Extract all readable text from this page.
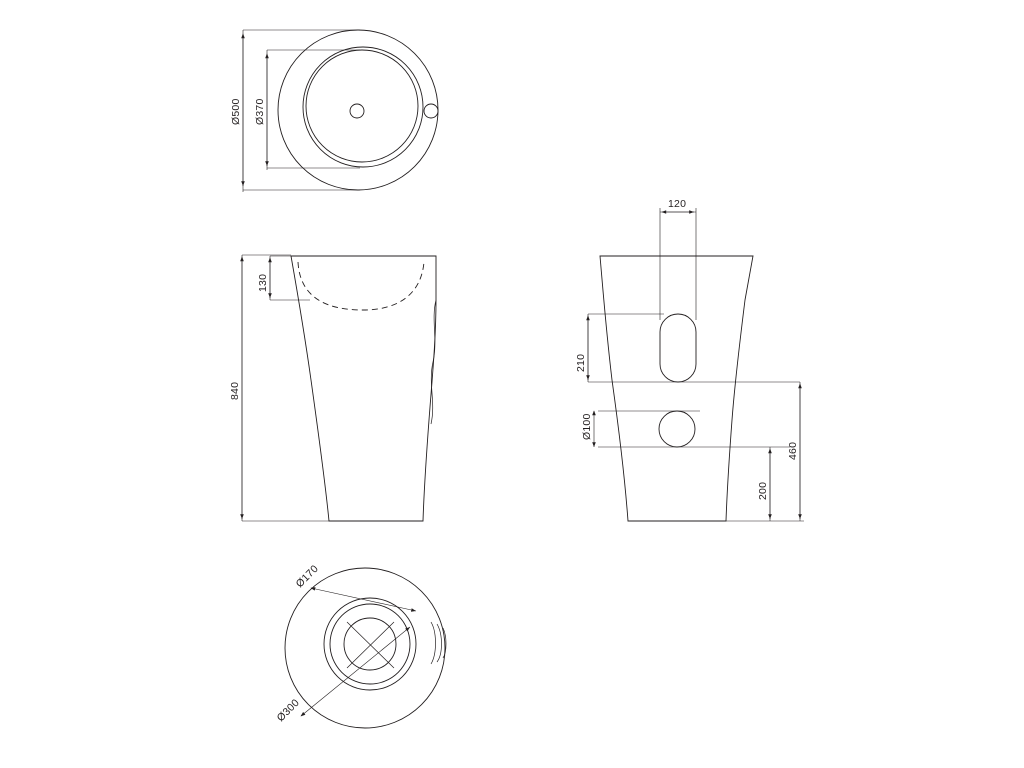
Ø500 Ø370
130
840
120
210
Ø100
460
200
Ø170
Ø300
